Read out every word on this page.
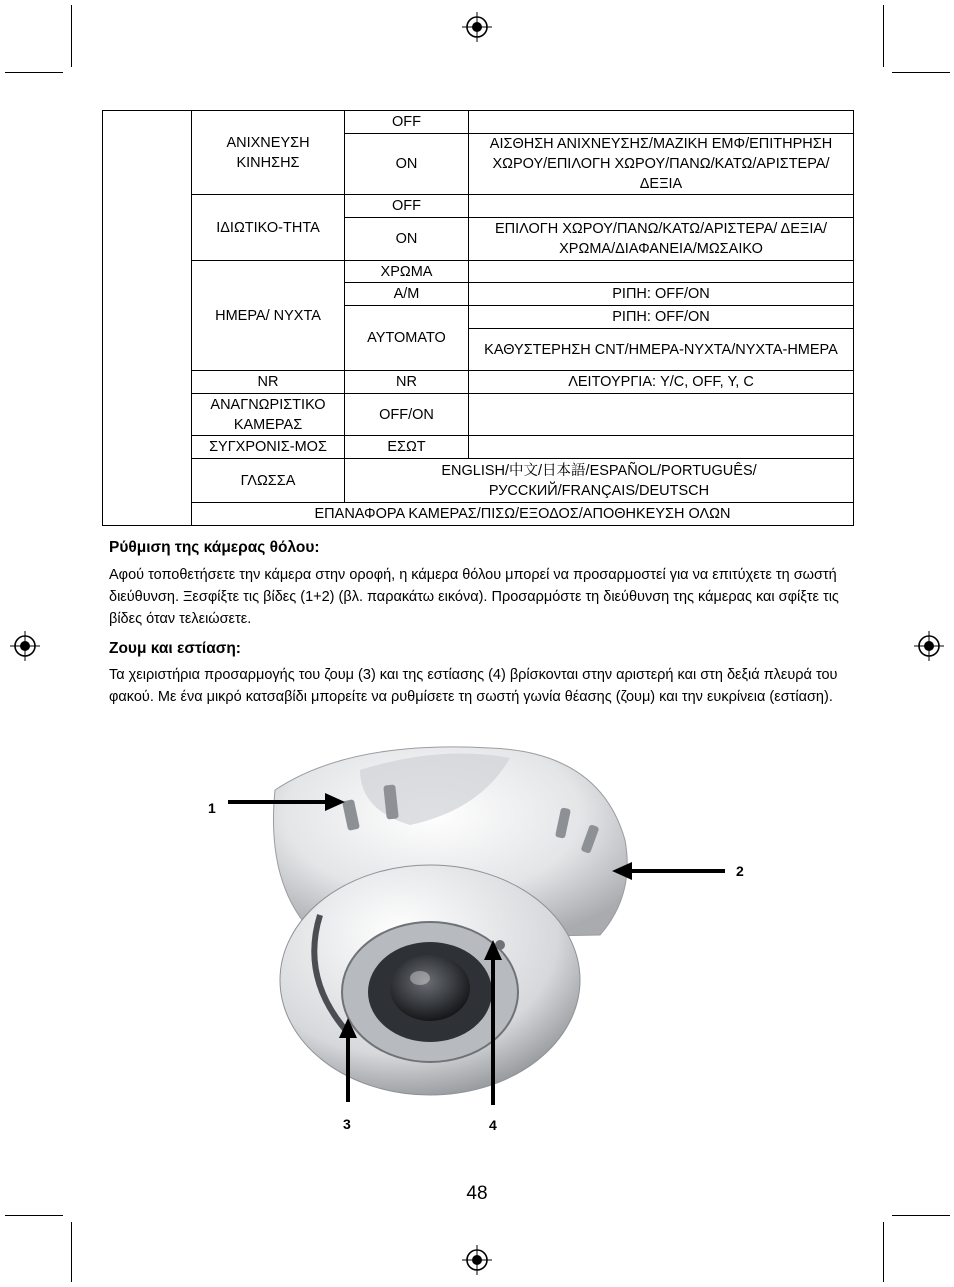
	ΑΝΙΧΝΕΥΣΗ ΚΙΝΗΣΗΣ	OFF	
		ON	ΑΙΣΘΗΣΗ ΑΝΙΧΝΕΥΣΗΣ/ΜΑΖΙΚΗ ΕΜΦ/ΕΠΙΤΗΡΗΣΗ ΧΩΡΟΥ/ΕΠΙΛΟΓΗ ΧΩΡΟΥ/ΠΑΝΩ/ΚΑΤΩ/ΑΡΙΣΤΕΡΑ/ΔΕΞΙΑ
	ΙΔΙΩΤΙΚΟ-ΤΗΤΑ	OFF	
		ON	ΕΠΙΛΟΓΗ ΧΩΡΟΥ/ΠΑΝΩ/ΚΑΤΩ/ΑΡΙΣΤΕΡΑ/ ΔΕΞΙΑ/ΧΡΩΜΑ/ΔΙΑΦΑΝΕΙΑ/ΜΩΣΑΙΚΟ
	ΗΜΕΡΑ/ ΝΥΧΤΑ	ΧΡΩΜΑ	
		Α/Μ	ΡΙΠΗ: OFF/ON
		ΑΥΤΟΜΑΤΟ	ΡΙΠΗ: OFF/ON
			ΚΑΘΥΣΤΕΡΗΣΗ CNT/ΗΜΕΡΑ-ΝΥΧΤΑ/ΝΥΧΤΑ-ΗΜΕΡΑ
	NR	NR	ΛΕΙΤΟΥΡΓΙΑ: Y/C, OFF, Y, C
	ΑΝΑΓΝΩΡΙΣΤΙΚΟ ΚΑΜΕΡΑΣ	OFF/ON	
	ΣΥΓΧΡΟΝΙΣ-ΜΟΣ	ΕΣΩΤ	
	ΓΛΩΣΣΑ	ENGLISH/中文/日本語/ESPAÑOL/PORTUGUÊS/ РУССКИЙ/FRANÇAIS/DEUTSCH	
	ΕΠΑΝΑΦΟΡΑ ΚΑΜΕΡΑΣ/ΠΙΣΩ/ΕΞΟΔΟΣ/ΑΠΟΘΗΚΕΥΣΗ ΟΛΩΝ		
Ρύθμιση της κάμερας θόλου:

Αφού τοποθετήσετε την κάμερα στην οροφή, η κάμερα θόλου μπορεί να προσαρμοστεί για να επιτύχετε τη σωστή διεύθυνση. Ξεσφίξτε τις βίδες (1+2) (βλ. παρακάτω εικόνα). Προσαρμόστε τη διεύθυνση της κάμερας και σφίξτε τις βίδες όταν τελειώσετε.

Ζουμ και εστίαση:

Τα χειριστήρια προσαρμογής του ζουμ (3) και της εστίασης (4) βρίσκονται στην αριστερή και στη δεξιά πλευρά του φακού. Με ένα μικρό κατσαβίδι μπορείτε να ρυθμίσετε τη σωστή γωνία θέασης (ζουμ) και την ευκρίνεια (εστίαση).

1
2
3	4
48
